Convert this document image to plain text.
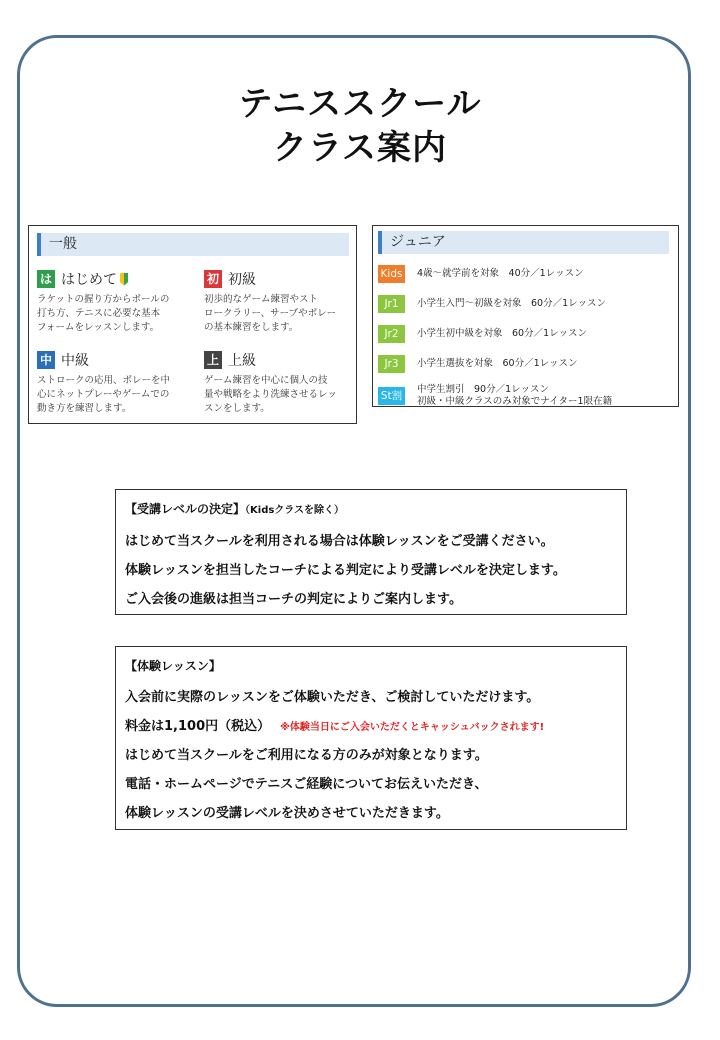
テニススクール
クラス案内
一般
は はじめて
ラケットの握り方からボールの
打ち方、テニスに必要な基本
フォームをレッスンします。
初 初級
初歩的なゲーム練習やスト
ロークラリー、サーブやボレー
の基本練習をします。
中 中級
ストロークの応用、ボレーを中
心にネットプレーやゲームでの
動き方を練習します。
上 上級
ゲーム練習を中心に個人の技
量や戦略をより洗練させるレッ
スンをします。
ジュニア
Kids 4歳～就学前を対象　40分／1レッスン
Jr1	小学生入門～初級を対象　60分／1レッスン
Jr2	小学生初中級を対象　60分／1レッスン
Jr3	小学生選抜を対象　60分／1レッスン
St割
中学生割引　90分／1レッスン
初級・中級クラスのみ対象でナイター1限在籍
【受講レベルの決定】（Kidsクラスを除く）
はじめて当スクールを利用される場合は体験レッスンをご受講ください。
体験レッスンを担当したコーチによる判定により受講レベルを決定します。
ご入会後の進級は担当コーチの判定によりご案内します。
【体験レッスン】
入会前に実際のレッスンをご体験いただき、ご検討していただけます。
料金は1,100円（税込） ※体験当日にご入会いただくとキャッシュバックされます!
はじめて当スクールをご利用になる方のみが対象となります。
電話・ホームページでテニスご経験についてお伝えいただき、
体験レッスンの受講レベルを決めさせていただきます。
